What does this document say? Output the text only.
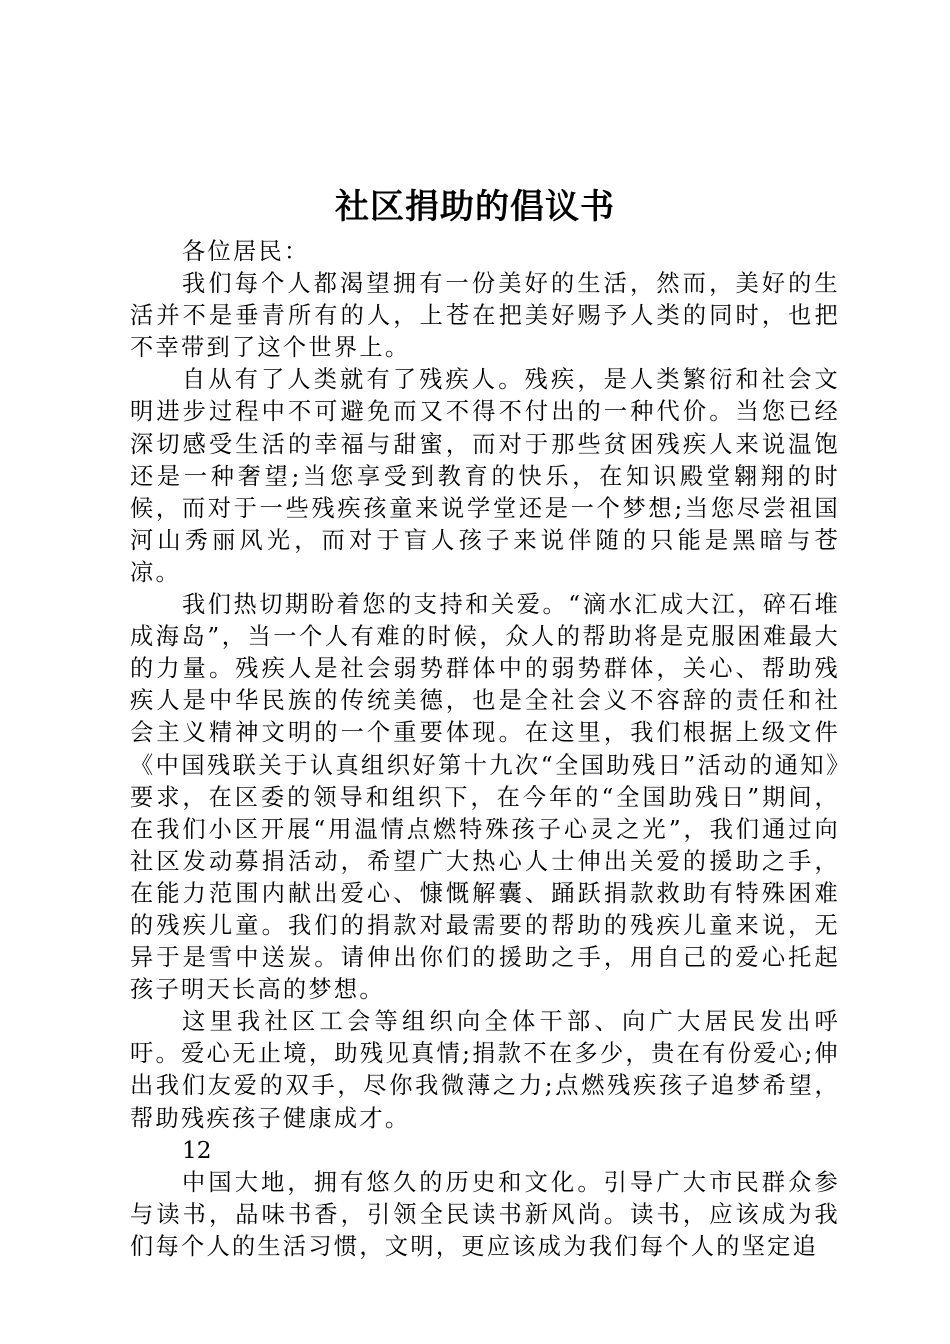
社区捐助的倡议书

各位居民：

我们每个人都渴望拥有一份美好的生活，然而，美好的生活并不是垂青所有的人，上苍在把美好赐予人类的同时，也把不幸带到了这个世界上。

自从有了人类就有了残疾人。残疾，是人类繁衍和社会文明进步过程中不可避免而又不得不付出的一种代价。当您已经深切感受生活的幸福与甜蜜，而对于那些贫困残疾人来说温饱还是一种奢望;当您享受到教育的快乐，在知识殿堂翱翔的时候，而对于一些残疾孩童来说学堂还是一个梦想;当您尽尝祖国河山秀丽风光，而对于盲人孩子来说伴随的只能是黑暗与苍凉。

我们热切期盼着您的支持和关爱。“滴水汇成大江，碎石堆成海岛”，当一个人有难的时候，众人的帮助将是克服困难最大的力量。残疾人是社会弱势群体中的弱势群体，关心、帮助残疾人是中华民族的传统美德，也是全社会义不容辞的责任和社会主义精神文明的一个重要体现。在这里，我们根据上级文件《中国残联关于认真组织好第十九次“全国助残日”活动的通知》要求，在区委的领导和组织下，在今年的“全国助残日”期间，在我们小区开展“用温情点燃特殊孩子心灵之光”，我们通过向社区发动募捐活动，希望广大热心人士伸出关爱的援助之手，在能力范围内献出爱心、慷慨解囊、踊跃捐款救助有特殊困难的残疾儿童。我们的捐款对最需要的帮助的残疾儿童来说，无异于是雪中送炭。请伸出你们的援助之手，用自己的爱心托起孩子明天长高的梦想。

这里我社区工会等组织向全体干部、向广大居民发出呼吁。爱心无止境，助残见真情;捐款不在多少，贵在有份爱心;伸出我们友爱的双手，尽你我微薄之力;点燃残疾孩子追梦希望，帮助残疾孩子健康成才。

12

中国大地，拥有悠久的历史和文化。引导广大市民群众参与读书，品味书香，引领全民读书新风尚。读书，应该成为我们每个人的生活习惯，文明，更应该成为我们每个人的坚定追
